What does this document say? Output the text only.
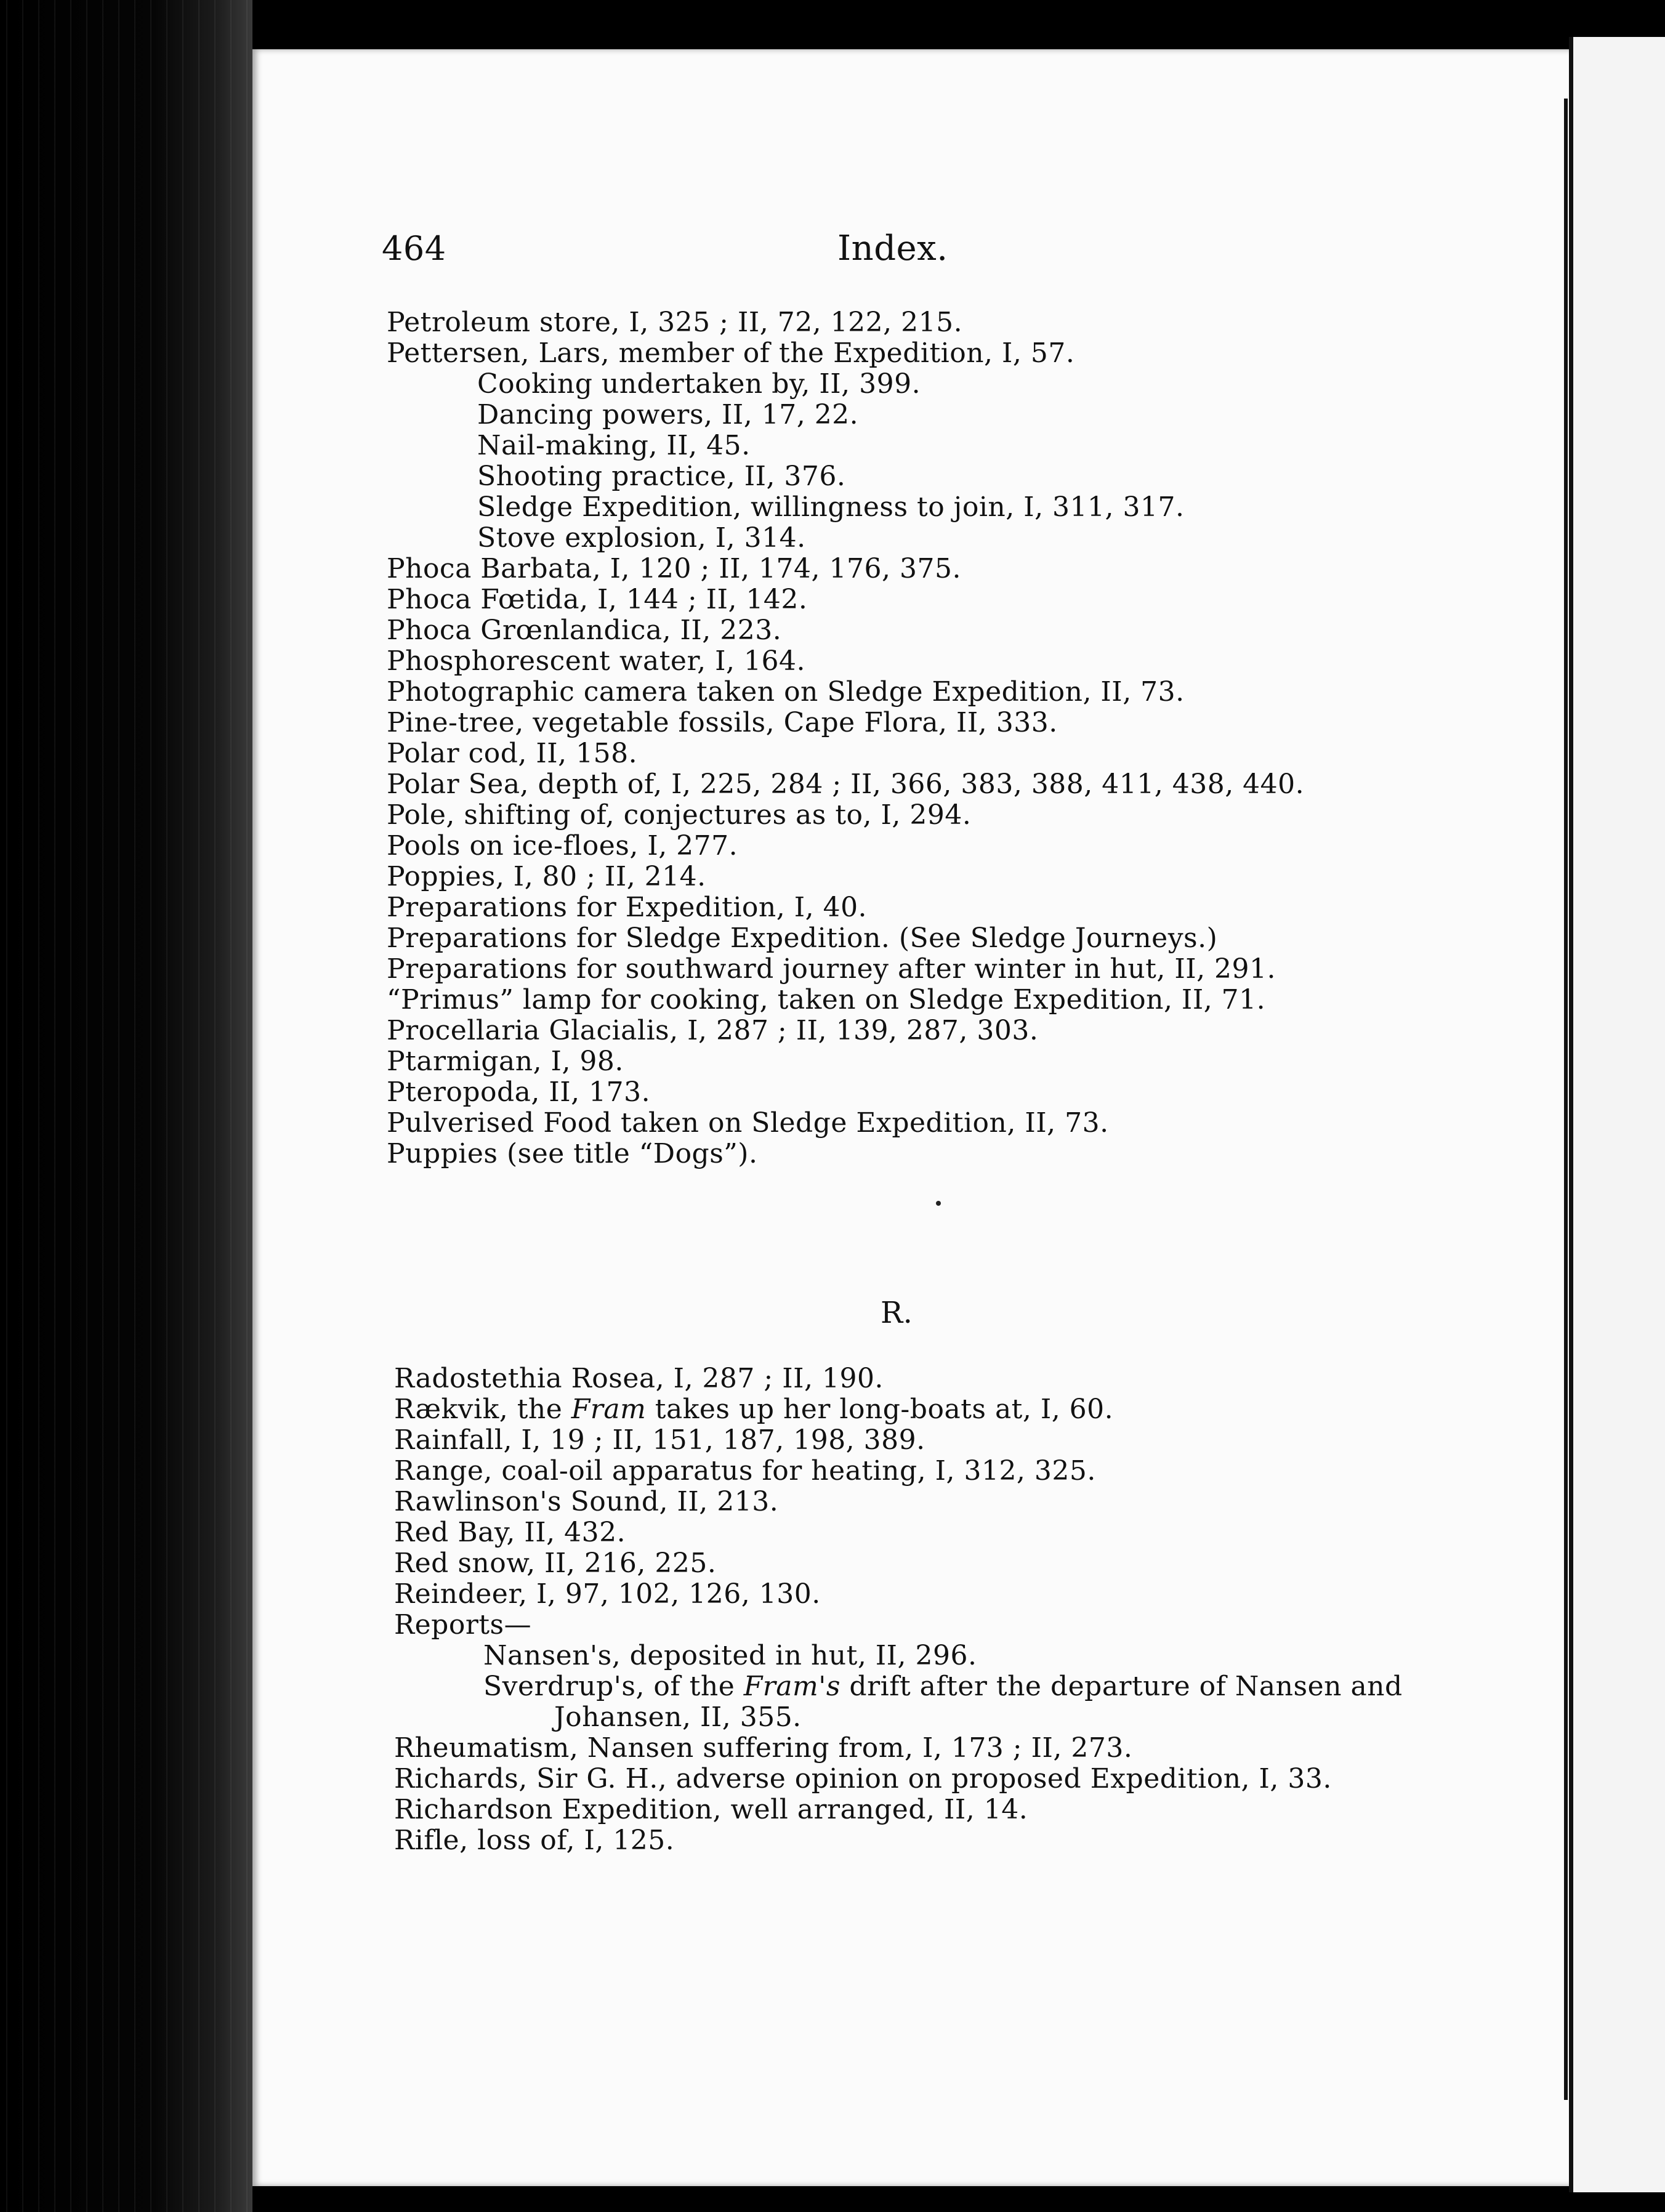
464	Index.
Petroleum store, I, 325 ; II, 72, 122, 215.
Pettersen, Lars, member of the Expedition, I, 57.
Cooking undertaken by, II, 399.
Dancing powers, II, 17, 22.
Nail-making, II, 45.
Shooting practice, II, 376.
Sledge Expedition, willingness to join, I, 311, 317.
Stove explosion, I, 314.
Phoca Barbata, I, 120 ; II, 174, 176, 375.
Phoca Fœtida, I, 144 ; II, 142.
Phoca Grœnlandica, II, 223.
Phosphorescent water, I, 164.
Photographic camera taken on Sledge Expedition, II, 73.
Pine-tree, vegetable fossils, Cape Flora, II, 333.
Polar cod, II, 158.
Polar Sea, depth of, I, 225, 284 ; II, 366, 383, 388, 411, 438, 440.
Pole, shifting of, conjectures as to, I, 294.
Pools on ice-floes, I, 277.
Poppies, I, 80 ; II, 214.
Preparations for Expedition, I, 40.
Preparations for Sledge Expedition. (See Sledge Journeys.)
Preparations for southward journey after winter in hut, II, 291.
“Primus” lamp for cooking, taken on Sledge Expedition, II, 71.
Procellaria Glacialis, I, 287 ; II, 139, 287, 303.
Ptarmigan, I, 98.
Pteropoda, II, 173.
Pulverised Food taken on Sledge Expedition, II, 73.
Puppies (see title “Dogs”).
R.
Radostethia Rosea, I, 287 ; II, 190.
Rækvik, the Fram takes up her long-boats at, I, 60.
Rainfall, I, 19 ; II, 151, 187, 198, 389.
Range, coal-oil apparatus for heating, I, 312, 325.
Rawlinson's Sound, II, 213.
Red Bay, II, 432.
Red snow, II, 216, 225.
Reindeer, I, 97, 102, 126, 130.
Reports—
Nansen's, deposited in hut, II, 296.
Sverdrup's, of the Fram's drift after the departure of Nansen and
Johansen, II, 355.
Rheumatism, Nansen suffering from, I, 173 ; II, 273.
Richards, Sir G. H., adverse opinion on proposed Expedition, I, 33.
Richardson Expedition, well arranged, II, 14.
Rifle, loss of, I, 125.
